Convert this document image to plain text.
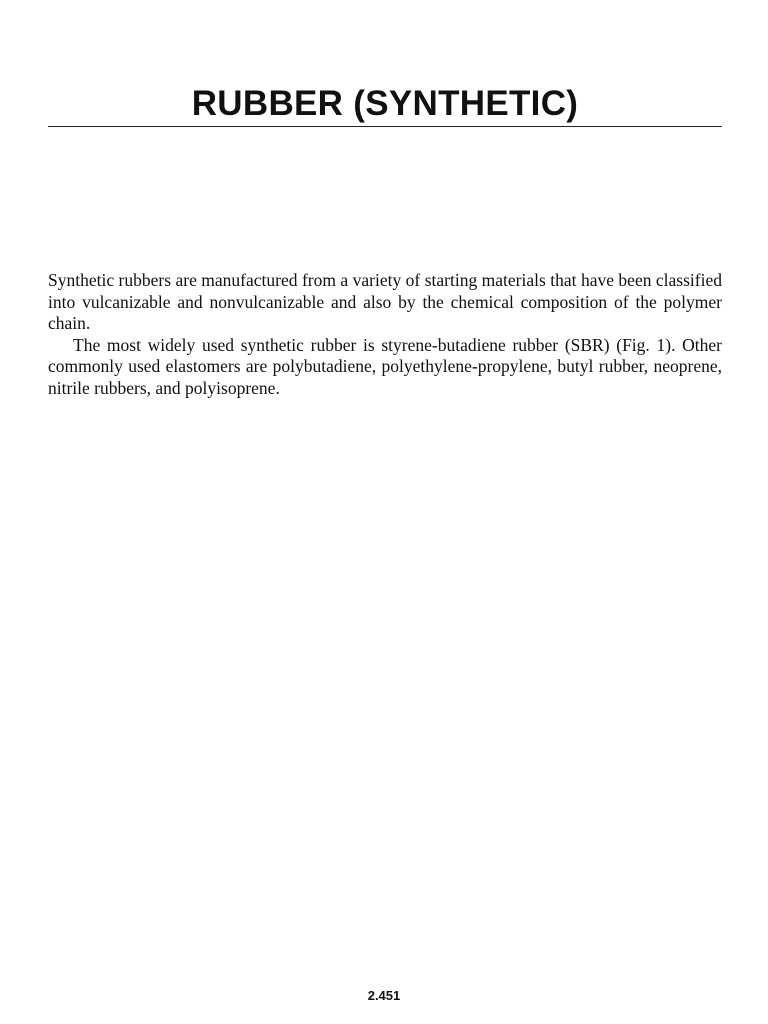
RUBBER (SYNTHETIC)

Synthetic rubbers are manufactured from a variety of starting materials that have been classified into vulcanizable and nonvulcanizable and also by the chemical composition of the polymer chain.

The most widely used synthetic rubber is styrene-butadiene rubber (SBR) (Fig. 1). Other commonly used elastomers are polybutadiene, polyethylene-propylene, butyl rubber, neoprene, nitrile rubbers, and polyisoprene.

2.451
